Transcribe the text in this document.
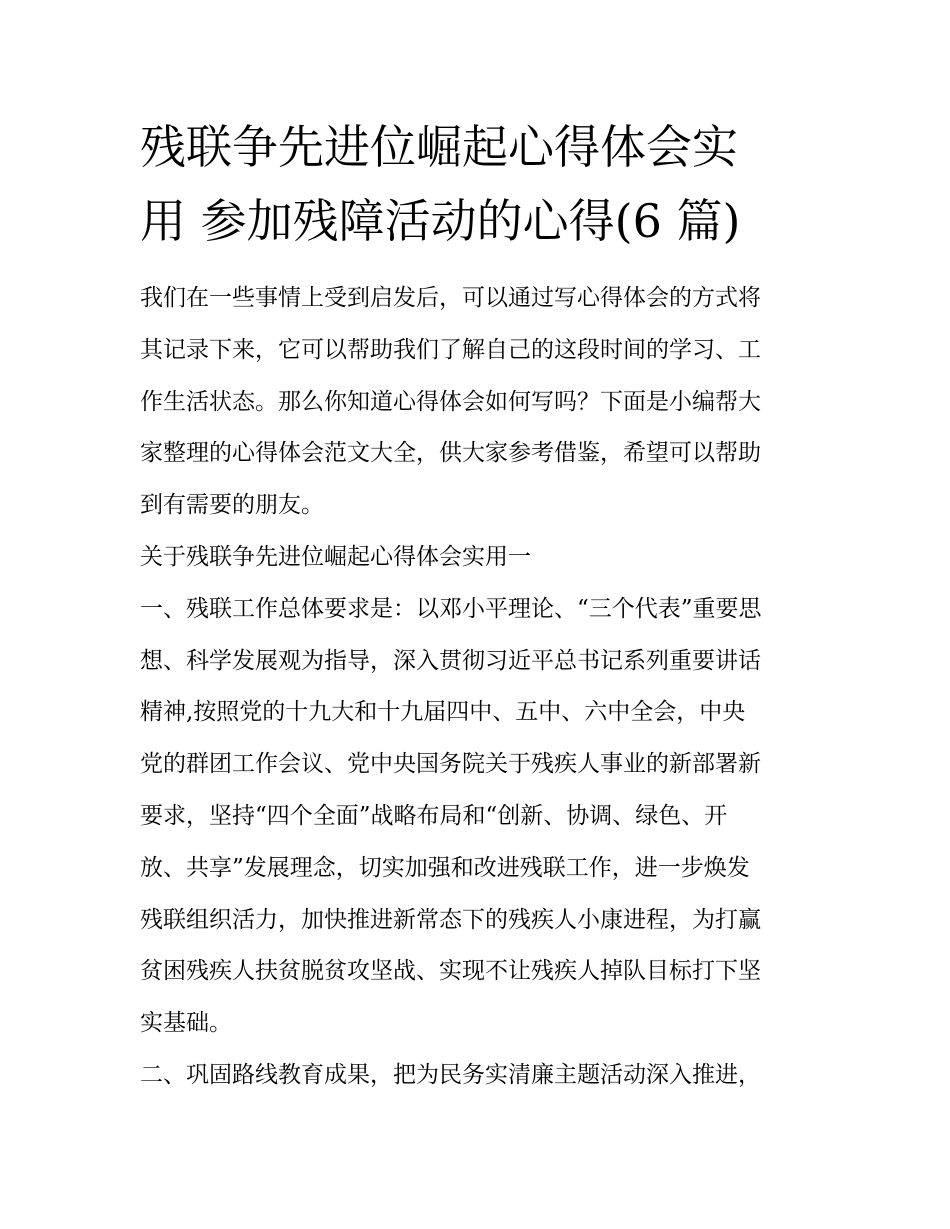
残联争先进位崛起心得体会实
用 参加残障活动的心得(6 篇)
我们在一些事情上受到启发后，可以通过写心得体会的方式将
其记录下来，它可以帮助我们了解自己的这段时间的学习、工
作生活状态。那么你知道心得体会如何写吗？下面是小编帮大
家整理的心得体会范文大全，供大家参考借鉴，希望可以帮助
到有需要的朋友。
关于残联争先进位崛起心得体会实用一
一、残联工作总体要求是：以邓小平理论、“三个代表”重要思
想、科学发展观为指导，深入贯彻习近平总书记系列重要讲话
精神,按照党的十九大和十九届四中、五中、六中全会，中央
党的群团工作会议、党中央国务院关于残疾人事业的新部署新
要求，坚持“四个全面”战略布局和“创新、协调、绿色、开
放、共享”发展理念，切实加强和改进残联工作，进一步焕发
残联组织活力，加快推进新常态下的残疾人小康进程，为打赢
贫困残疾人扶贫脱贫攻坚战、实现不让残疾人掉队目标打下坚
实基础。
二、巩固路线教育成果，把为民务实清廉主题活动深入推进，
